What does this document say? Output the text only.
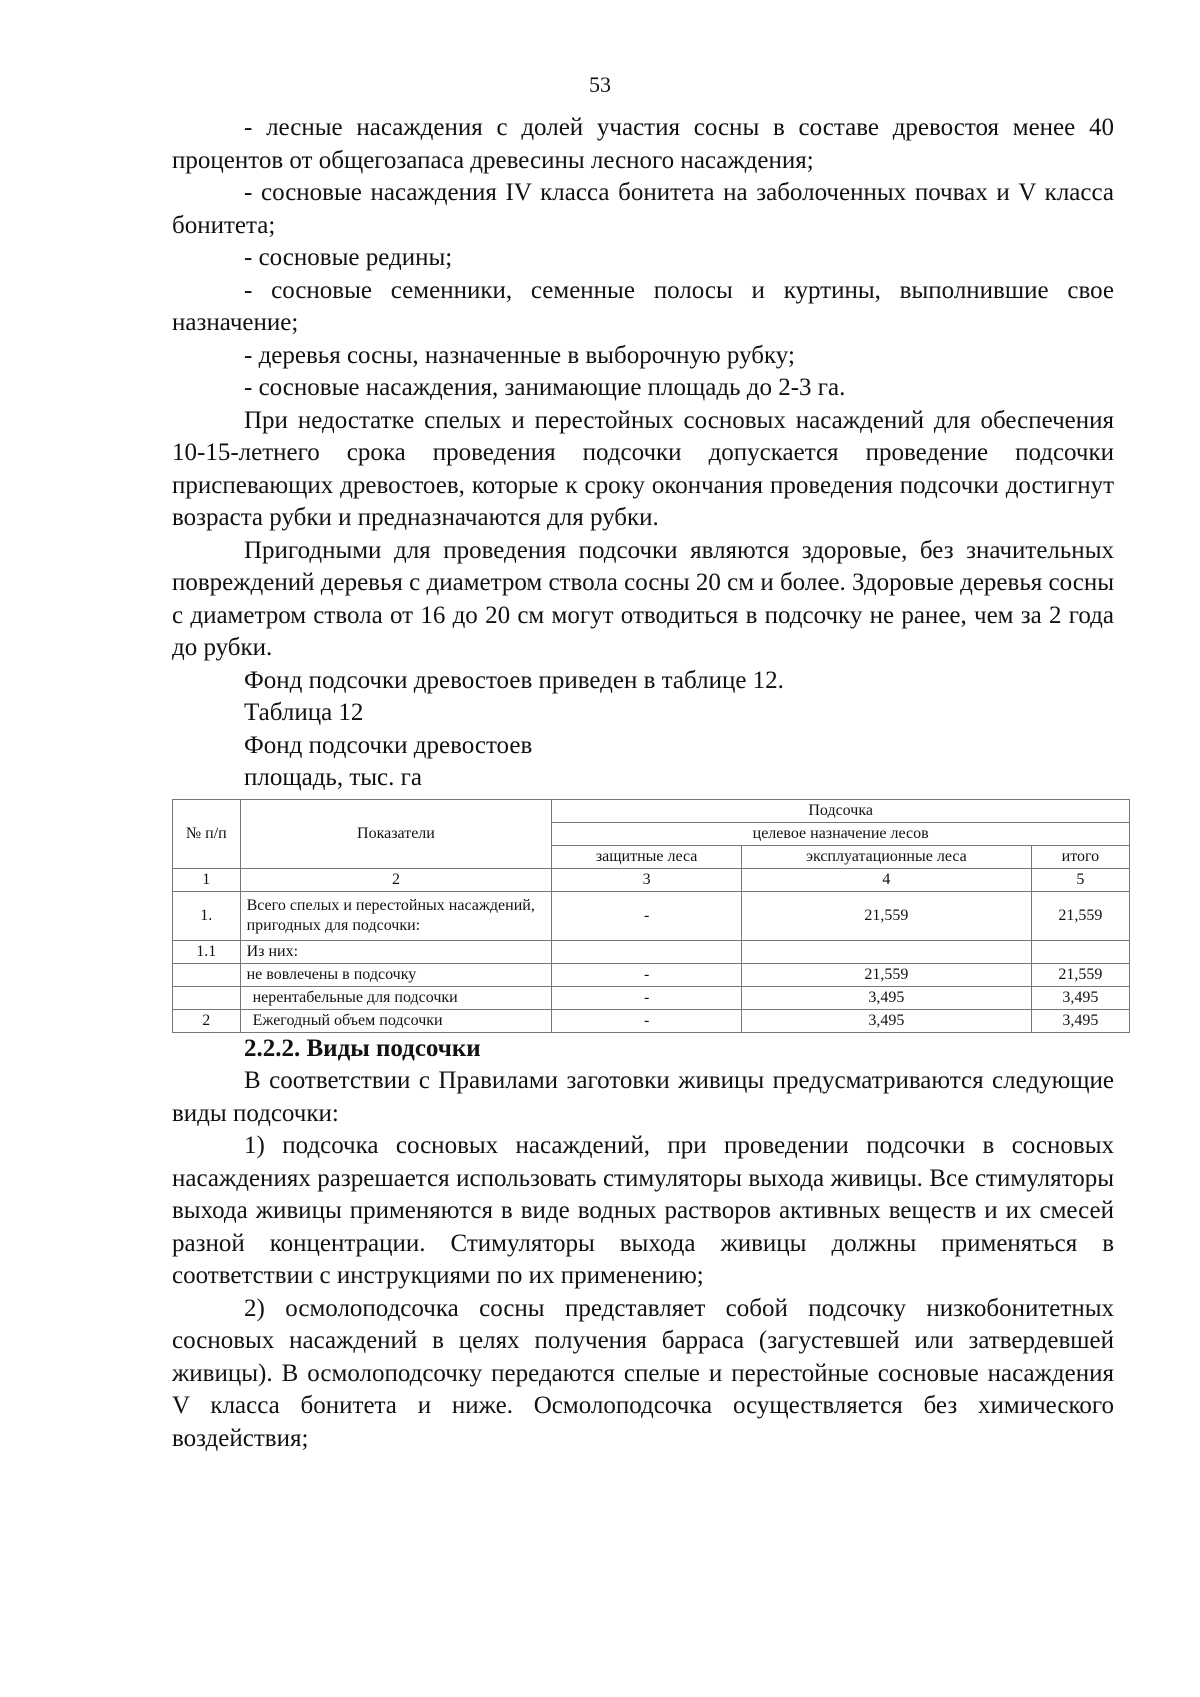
53

- лесные насаждения с долей участия сосны в составе древостоя менее 40 процентов от общегозапаса древесины лесного насаждения;

- сосновые насаждения IV класса бонитета на заболоченных почвах и V класса бонитета;

- сосновые редины;

- сосновые семенники, семенные полосы и куртины, выполнившие свое назначение;

- деревья сосны, назначенные в выборочную рубку;

- сосновые насаждения, занимающие площадь до 2-3 га.

При недостатке спелых и перестойных сосновых насаждений для обеспечения 10-15-летнего срока проведения подсочки допускается проведение подсочки приспевающих древостоев, которые к сроку окончания проведения подсочки достигнут возраста рубки и предназначаются для рубки.

Пригодными для проведения подсочки являются здоровые, без значительных повреждений деревья с диаметром ствола сосны 20 см и более. Здоровые деревья сосны с диаметром ствола от 16 до 20 см могут отводиться в подсочку не ранее, чем за 2 года до рубки.

Фонд подсочки древостоев приведен в таблице 12.

Таблица 12

Фонд подсочки древостоев

площадь, тыс. га

№ п/п	Показатели	Подсочка		
		целевое назначение лесов		
		защитные леса	эксплуатационные леса	итого
1	2	3	4	5
1.	Всего спелых и перестойных насаждений, пригодных для подсочки:	-	21,559	21,559
1.1	Из них:			
	не вовлечены в подсочку	-	21,559	21,559
	нерентабельные для подсочки	-	3,495	3,495
2	Ежегодный объем подсочки	-	3,495	3,495

2.2.2. Виды подсочки

В соответствии с Правилами заготовки живицы предусматриваются следующие виды подсочки:

1) подсочка сосновых насаждений, при проведении подсочки в сосновых насаждениях разрешается использовать стимуляторы выхода живицы. Все стимуляторы выхода живицы применяются в виде водных растворов активных веществ и их смесей разной концентрации. Стимуляторы выхода живицы должны применяться в соответствии с инструкциями по их применению;

2) осмолоподсочка сосны представляет собой подсочку низкобонитетных сосновых насаждений в целях получения барраса (загустевшей или затвердевшей живицы). В осмолоподсочку передаются спелые и перестойные сосновые насаждения V класса бонитета и ниже. Осмолоподсочка осуществляется без химического воздействия;
